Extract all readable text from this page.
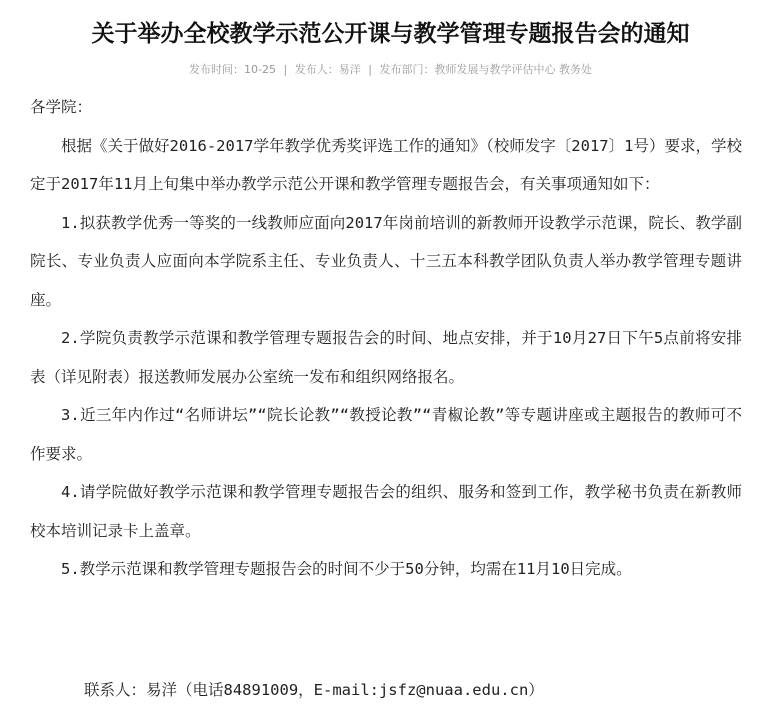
关于举办全校教学示范公开课与教学管理专题报告会的通知
发布时间：10-25 | 发布人：易洋 | 发布部门：教师发展与教学评估中心 教务处

各学院：

根据《关于做好2016-2017学年教学优秀奖评选工作的通知》（校师发字〔2017〕1号）要求，学校定于2017年11月上旬集中举办教学示范公开课和教学管理专题报告会，有关事项通知如下：

1.拟获教学优秀一等奖的一线教师应面向2017年岗前培训的新教师开设教学示范课，院长、教学副院长、专业负责人应面向本学院系主任、专业负责人、十三五本科教学团队负责人举办教学管理专题讲座。

2.学院负责教学示范课和教学管理专题报告会的时间、地点安排，并于10月27日下午5点前将安排表（详见附表）报送教师发展办公室统一发布和组织网络报名。

3.近三年内作过“名师讲坛”“院长论教”“教授论教”“青椒论教”等专题讲座或主题报告的教师可不作要求。

4.请学院做好教学示范课和教学管理专题报告会的组织、服务和签到工作，教学秘书负责在新教师校本培训记录卡上盖章。

5.教学示范课和教学管理专题报告会的时间不少于50分钟，均需在11月10日完成。

联系人：易洋（电话84891009，E-mail:jsfz@nuaa.edu.cn）
